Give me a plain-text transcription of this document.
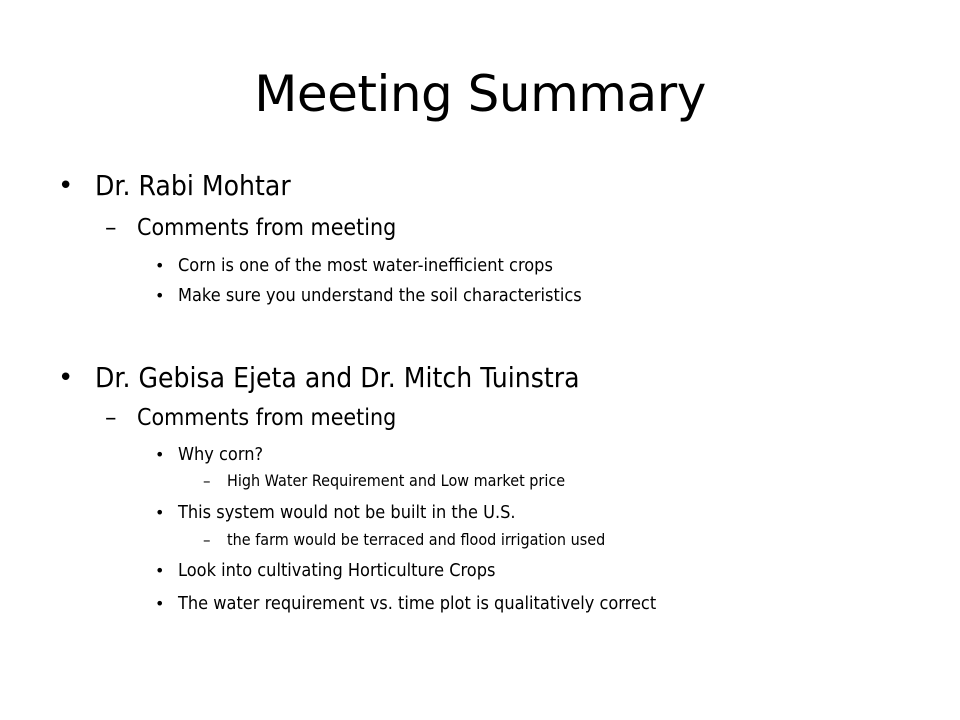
Meeting Summary
• Dr. Rabi Mohtar
– Comments from meeting
• Corn is one of the most water-inefficient crops
• Make sure you understand the soil characteristics
• Dr. Gebisa Ejeta and Dr. Mitch Tuinstra
– Comments from meeting
• Why corn?
– High Water Requirement and Low market price
• This system would not be built in the U.S.
– the farm would be terraced and flood irrigation used
• Look into cultivating Horticulture Crops
• The water requirement vs. time plot is qualitatively correct
